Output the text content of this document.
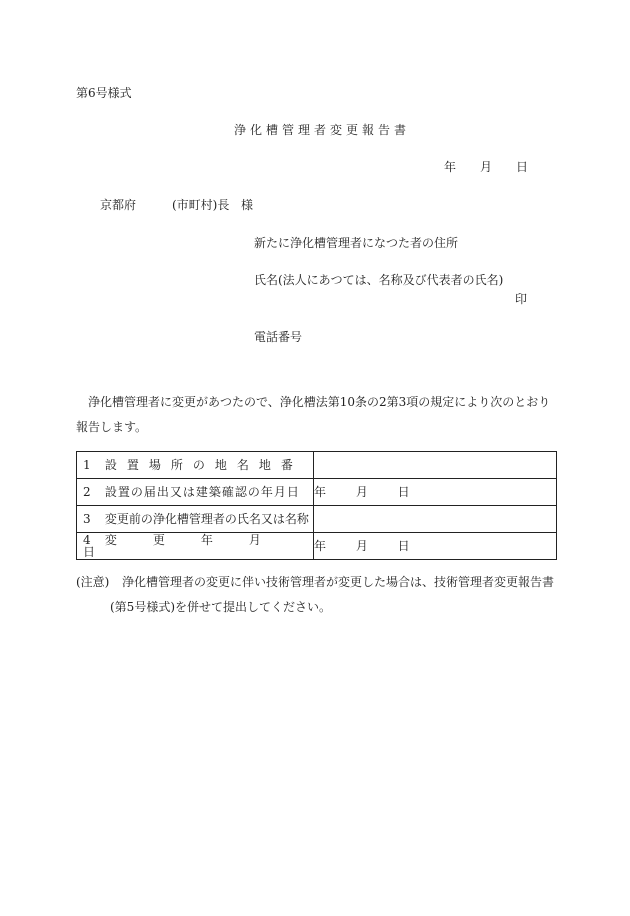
第6号様式
浄化槽管理者変更報告書
年 月 日
京都府	(市町村)長 様
新たに浄化槽管理者になつた者の住所
氏名(法人にあつては、名称及び代表者の氏名)
印
電話番号
浄化槽管理者に変更があつたので、浄化槽法第10条の2第3項の規定により次のとおり報告します。
1 設置場所の地名地番	
2 設置の届出又は建築確認の年月日	年 月 日
3 変更前の浄化槽管理者の氏名又は名称	
4 変更年月日	年 月 日
(注意) 浄化槽管理者の変更に伴い技術管理者が変更した場合は、技術管理者変更報告書
(第5号様式)を併せて提出してください。
